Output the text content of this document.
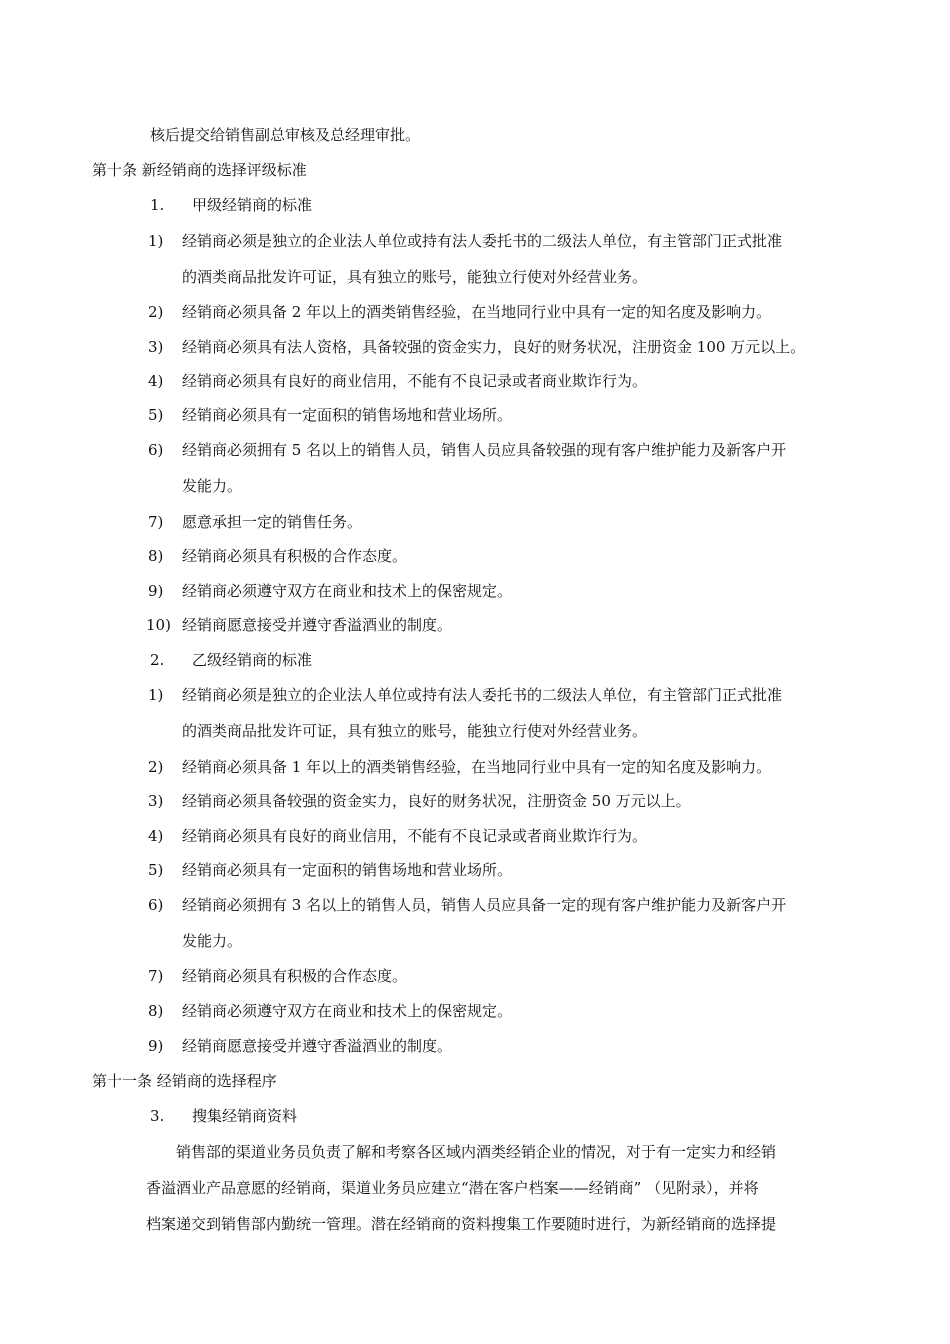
核后提交给销售副总审核及总经理审批。
第十条 新经销商的选择评级标准
1. 甲级经销商的标准
1) 经销商必须是独立的企业法人单位或持有法人委托书的二级法人单位，有主管部门正式批准
的酒类商品批发许可证，具有独立的账号，能独立行使对外经营业务。
2) 经销商必须具备 2 年以上的酒类销售经验，在当地同行业中具有一定的知名度及影响力。
3) 经销商必须具有法人资格，具备较强的资金实力，良好的财务状况，注册资金 100 万元以上。
4) 经销商必须具有良好的商业信用，不能有不良记录或者商业欺诈行为。
5) 经销商必须具有一定面积的销售场地和营业场所。
6) 经销商必须拥有 5 名以上的销售人员，销售人员应具备较强的现有客户维护能力及新客户开
发能力。
7) 愿意承担一定的销售任务。
8) 经销商必须具有积极的合作态度。
9) 经销商必须遵守双方在商业和技术上的保密规定。
10) 经销商愿意接受并遵守香溢酒业的制度。
2. 乙级经销商的标准
1) 经销商必须是独立的企业法人单位或持有法人委托书的二级法人单位，有主管部门正式批准
的酒类商品批发许可证，具有独立的账号，能独立行使对外经营业务。
2) 经销商必须具备 1 年以上的酒类销售经验，在当地同行业中具有一定的知名度及影响力。
3) 经销商必须具备较强的资金实力，良好的财务状况，注册资金 50 万元以上。
4) 经销商必须具有良好的商业信用，不能有不良记录或者商业欺诈行为。
5) 经销商必须具有一定面积的销售场地和营业场所。
6) 经销商必须拥有 3 名以上的销售人员，销售人员应具备一定的现有客户维护能力及新客户开
发能力。
7) 经销商必须具有积极的合作态度。
8) 经销商必须遵守双方在商业和技术上的保密规定。
9) 经销商愿意接受并遵守香溢酒业的制度。
第十一条 经销商的选择程序
3. 搜集经销商资料
销售部的渠道业务员负责了解和考察各区域内酒类经销企业的情况，对于有一定实力和经销
香溢酒业产品意愿的经销商，渠道业务员应建立“潜在客户档案——经销商” （见附录），并将
档案递交到销售部内勤统一管理。潜在经销商的资料搜集工作要随时进行，为新经销商的选择提
